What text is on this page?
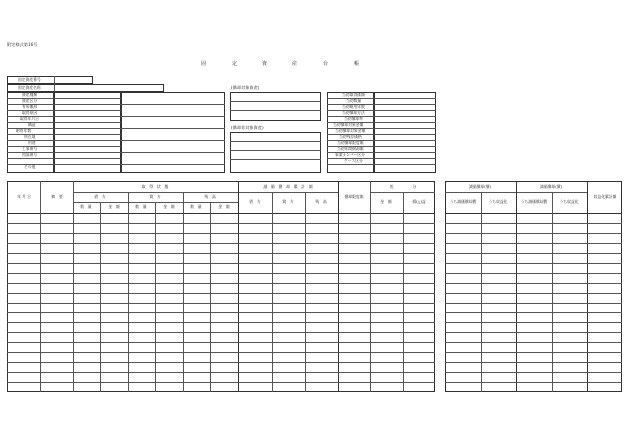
附定様式第16号
固	定	資	産	台	帳
固定資産番号
固定資産名称
資産種類
資産区分
有形無形
取得原因
取得年月日
構造
耐用年数
所在地
用途
工事番号
図面番号
その他
(償却対象資産)
(償却非対象資産)
当初取得価額
当初数量
当初耐用年数
当初償却方法
当初償却率
当初償却対象金額
当初償却対象金額
当初残存価格
当初償却限度額
当初年間償却額
事業ナンバー区分
ケース区分
年 月 日	摘　要
取　得　状　態
借　方	貸　方	残　高
数　量	金　額	数　量	金　額	数　量	金　額
減　価　償　却　累　計　額
借　方	貸　方	残　高
償却限度額
処　　　　　分
金　額	損(△)益
減価償却(償)	減価償却(償)
うち減価償却費	うち収益化	うち減価償却費	うち収益化
収益化累計額
